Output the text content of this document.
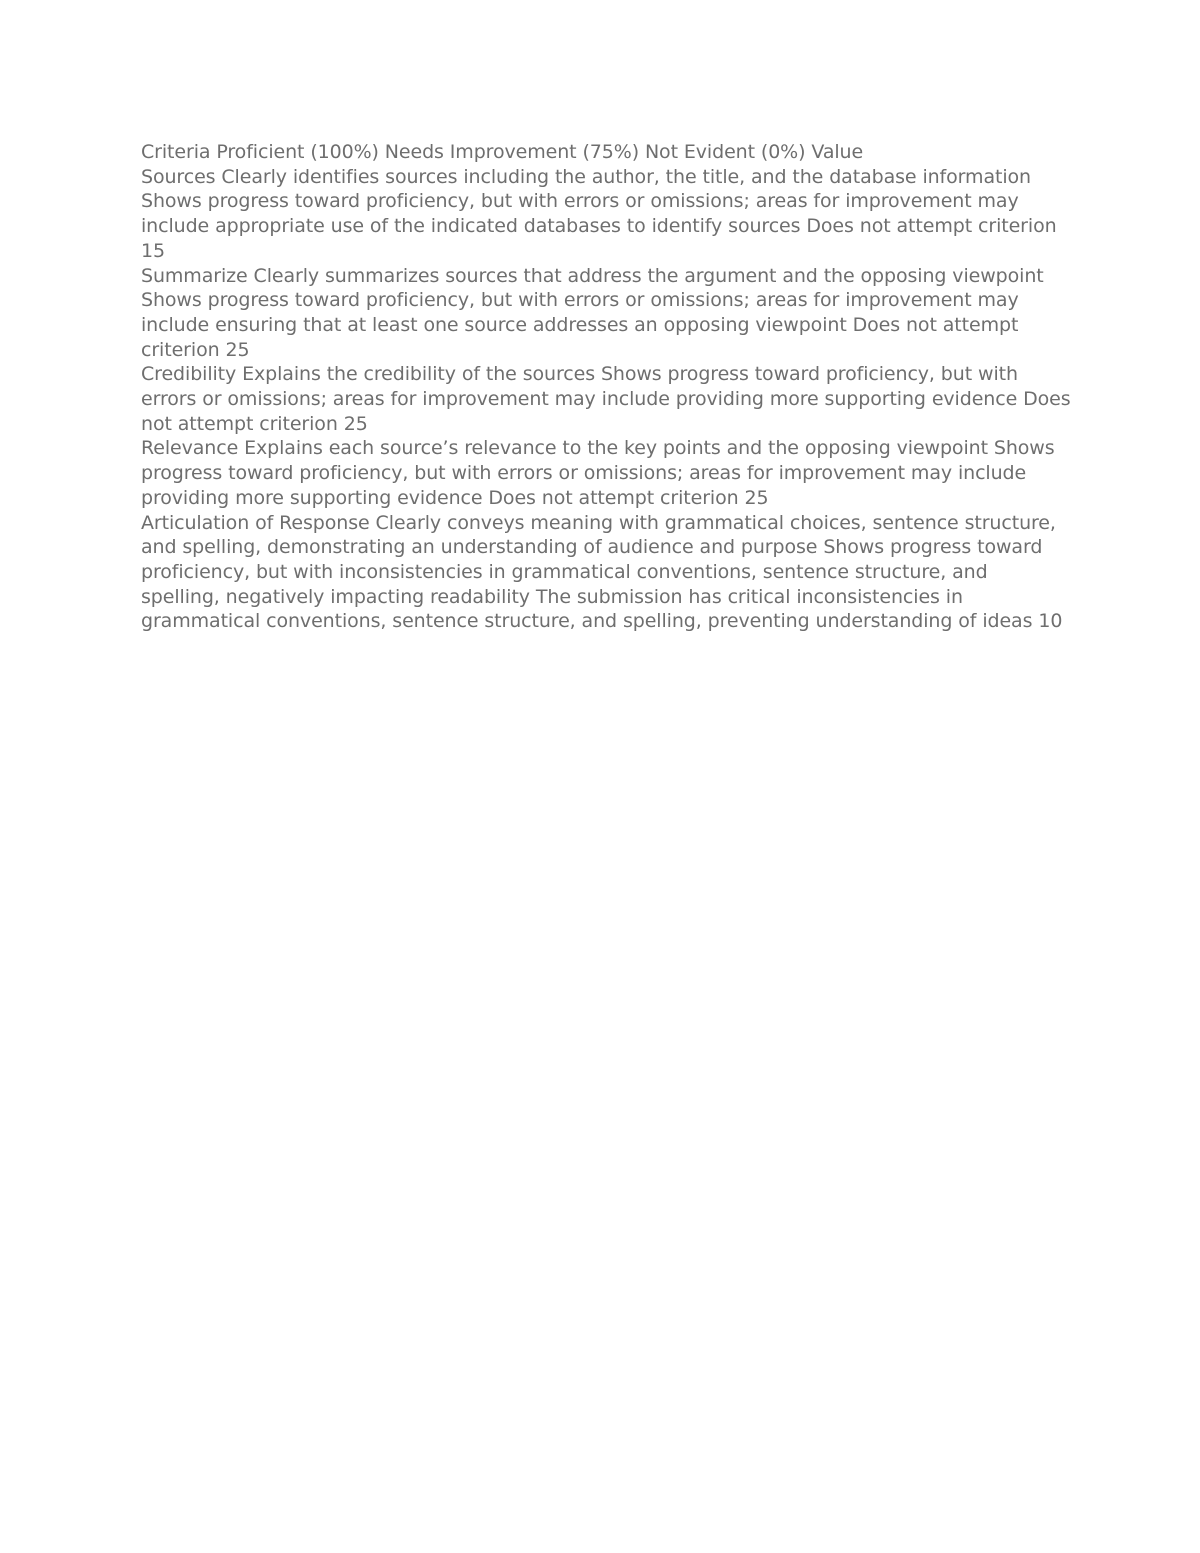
Criteria Proficient (100%) Needs Improvement (75%) Not Evident (0%) Value

Sources Clearly identifies sources including the author, the title, and the database information Shows progress toward proficiency, but with errors or omissions; areas for improvement may include appropriate use of the indicated databases to identify sources Does not attempt criterion 15

Summarize Clearly summarizes sources that address the argument and the opposing viewpoint Shows progress toward proficiency, but with errors or omissions; areas for improvement may include ensuring that at least one source addresses an opposing viewpoint Does not attempt criterion 25

Credibility Explains the credibility of the sources Shows progress toward proficiency, but with errors or omissions; areas for improvement may include providing more supporting evidence Does not attempt criterion 25

Relevance Explains each source’s relevance to the key points and the opposing viewpoint Shows progress toward proficiency, but with errors or omissions; areas for improvement may include providing more supporting evidence Does not attempt criterion 25

Articulation of Response Clearly conveys meaning with grammatical choices, sentence structure, and spelling, demonstrating an understanding of audience and purpose Shows progress toward proficiency, but with inconsistencies in grammatical conventions, sentence structure, and spelling, negatively impacting readability The submission has critical inconsistencies in grammatical conventions, sentence structure, and spelling, preventing understanding of ideas 10
